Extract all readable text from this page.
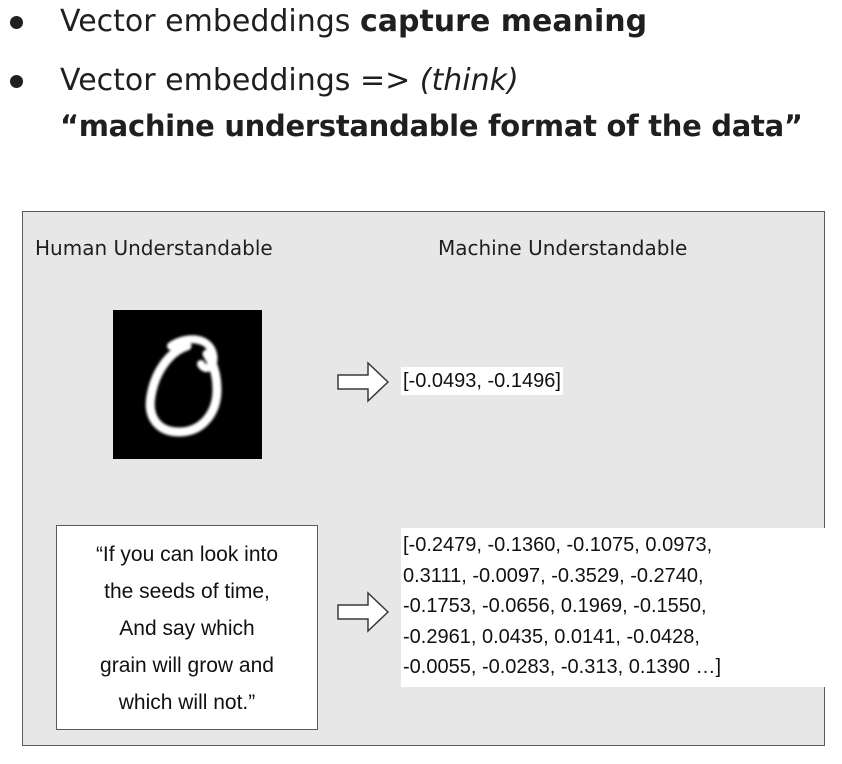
Vector embeddings capture meaning
Vector embeddings => (think)
“machine understandable format of the data”
Human Understandable	Machine Understandable
[-0.0493, -0.1496]
“If you can look into
the seeds of time,
And say which
grain will grow and
which will not.”
[-0.2479, -0.1360, -0.1075, 0.0973,
0.3111, -0.0097, -0.3529, -0.2740,
-0.1753, -0.0656, 0.1969, -0.1550,
-0.2961, 0.0435, 0.0141, -0.0428,
-0.0055, -0.0283, -0.313, 0.1390 …]
